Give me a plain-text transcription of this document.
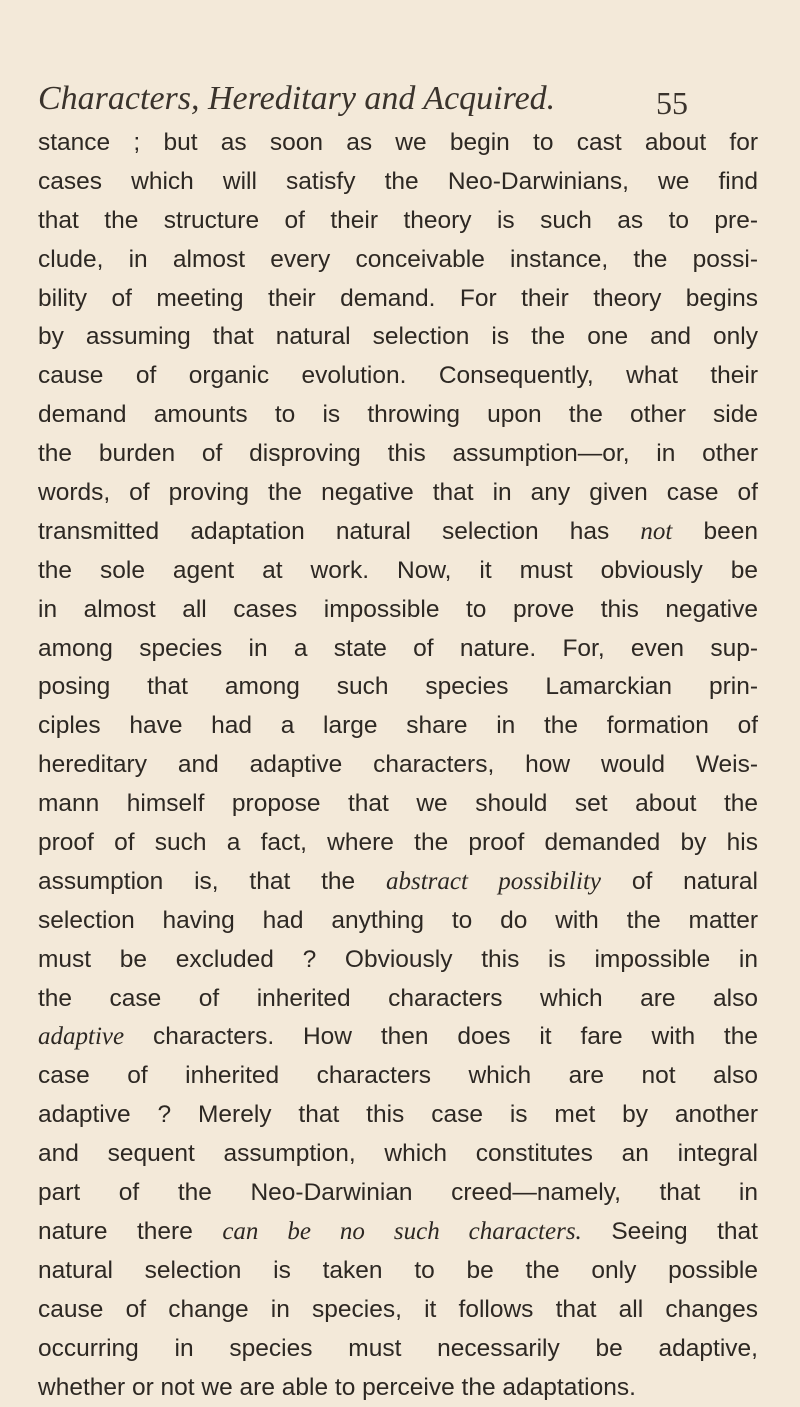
Characters, Hereditary and Acquired.	55
stance ; but as soon as we begin to cast about for
cases which will satisfy the Neo-Darwinians, we find
that the structure of their theory is such as to pre-
clude, in almost every conceivable instance, the possi-
bility of meeting their demand. For their theory begins
by assuming that natural selection is the one and only
cause of organic evolution. Consequently, what their
demand amounts to is throwing upon the other side
the burden of disproving this assumption—or, in other
words, of proving the negative that in any given case of
transmitted adaptation natural selection has not been
the sole agent at work. Now, it must obviously be
in almost all cases impossible to prove this negative
among species in a state of nature. For, even sup-
posing that among such species Lamarckian prin-
ciples have had a large share in the formation of
hereditary and adaptive characters, how would Weis-
mann himself propose that we should set about the
proof of such a fact, where the proof demanded by his
assumption is, that the abstract possibility of natural
selection having had anything to do with the matter
must be excluded ? Obviously this is impossible in
the case of inherited characters which are also
adaptive characters. How then does it fare with the
case of inherited characters which are not also
adaptive ? Merely that this case is met by another
and sequent assumption, which constitutes an integral
part of the Neo-Darwinian creed—namely, that in
nature there can be no such characters. Seeing that
natural selection is taken to be the only possible
cause of change in species, it follows that all changes
occurring in species must necessarily be adaptive,
whether or not we are able to perceive the adaptations.
